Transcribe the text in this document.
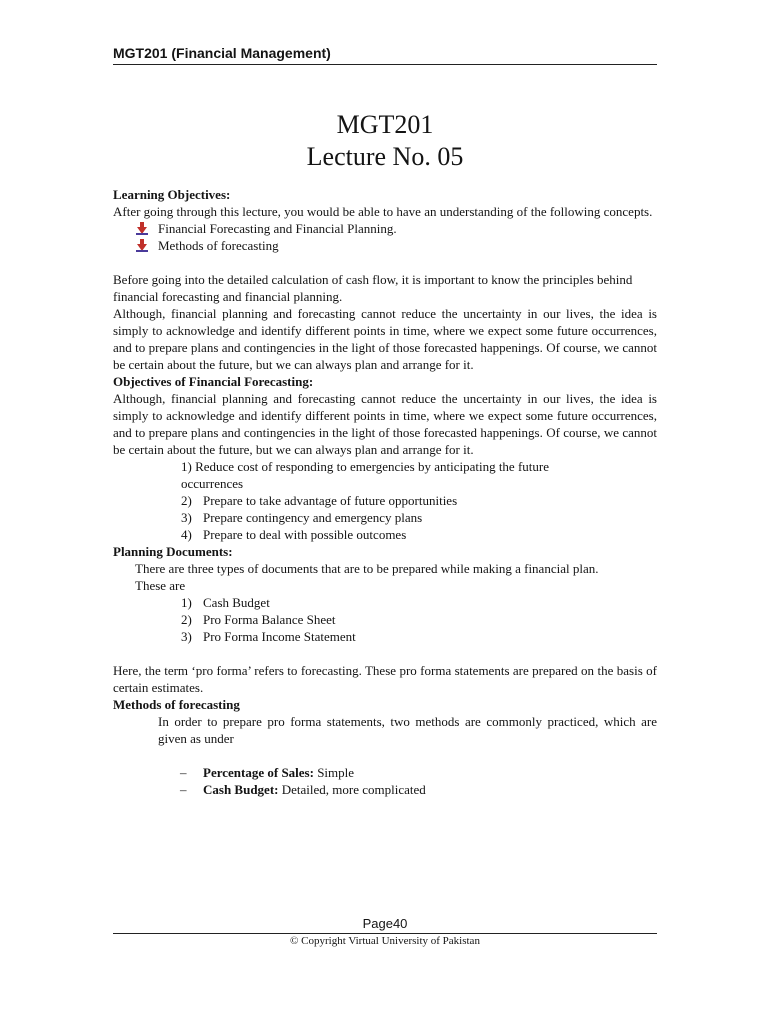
MGT201 (Financial Management)
MGT201
Lecture No. 05

Learning Objectives:

After going through this lecture, you would be able to have an understanding of the following concepts.

Financial Forecasting and Financial Planning.
Methods of forecasting

Before going into the detailed calculation of cash flow, it is important to know the principles behind financial forecasting and financial planning.

Although, financial planning and forecasting cannot reduce the uncertainty in our lives, the idea is simply to acknowledge and identify different points in time, where we expect some future occurrences, and to prepare plans and contingencies in the light of those forecasted happenings. Of course, we cannot be certain about the future, but we can always plan and arrange for it.

Objectives of Financial Forecasting:

Although, financial planning and forecasting cannot reduce the uncertainty in our lives, the idea is simply to acknowledge and identify different points in time, where we expect some future occurrences, and to prepare plans and contingencies in the light of those forecasted happenings. Of course, we cannot be certain about the future, but we can always plan and arrange for it.

1) Reduce cost of responding to emergencies by anticipating the future occurrences
2) Prepare to take advantage of future opportunities
3) Prepare contingency and emergency plans
4) Prepare to deal with possible outcomes

Planning Documents:

There are three types of documents that are to be prepared while making a financial plan. These are

1) Cash Budget
2) Pro Forma Balance Sheet
3) Pro Forma Income Statement

Here, the term ‘pro forma’ refers to forecasting. These pro forma statements are prepared on the basis of certain estimates.

Methods of forecasting

In order to prepare pro forma statements, two methods are commonly practiced, which are given as under

– Percentage of Sales: Simple
– Cash Budget: Detailed, more complicated
Page40
© Copyright Virtual University of Pakistan
